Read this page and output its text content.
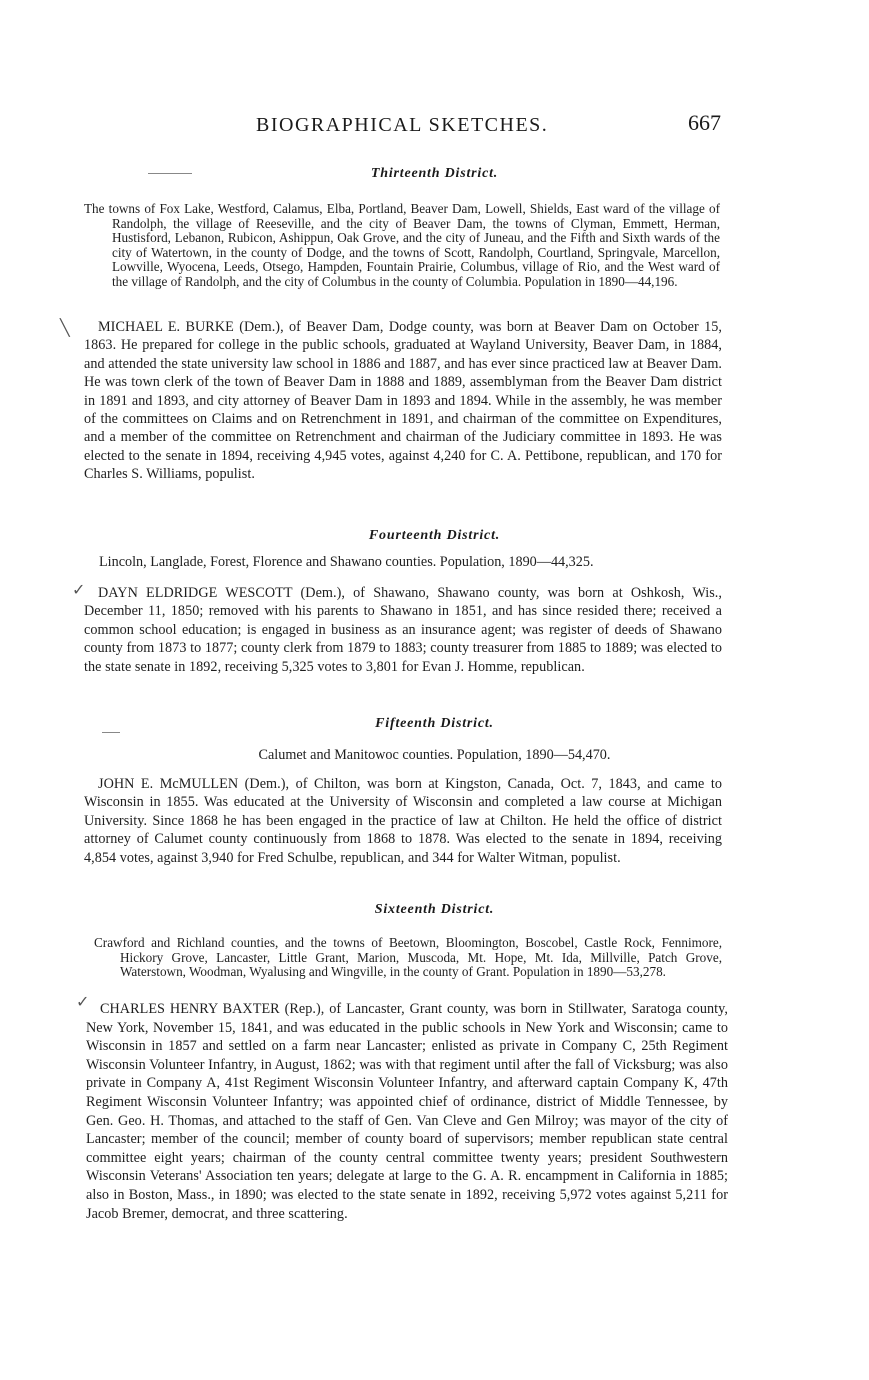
BIOGRAPHICAL SKETCHES.	667
Thirteenth District.

The towns of Fox Lake, Westford, Calamus, Elba, Portland, Beaver Dam, Lowell, Shields, East ward of the village of Randolph, the village of Reeseville, and the city of Beaver Dam, the towns of Clyman, Emmett, Herman, Hustisford, Lebanon, Rubicon, Ashippun, Oak Grove, and the city of Juneau, and the Fifth and Sixth wards of the city of Watertown, in the county of Dodge, and the towns of Scott, Randolph, Courtland, Springvale, Marcellon, Lowville, Wyocena, Leeds, Otsego, Hampden, Fountain Prairie, Columbus, village of Rio, and the West ward of the village of Randolph, and the city of Columbus in the county of Columbia. Population in 1890—44,196.

╲	MICHAEL E. BURKE (Dem.), of Beaver Dam, Dodge county, was born at Beaver Dam on October 15, 1863. He prepared for college in the public schools, graduated at Wayland University, Beaver Dam, in 1884, and attended the state university law school in 1886 and 1887, and has ever since practiced law at Beaver Dam. He was town clerk of the town of Beaver Dam in 1888 and 1889, assemblyman from the Beaver Dam district in 1891 and 1893, and city attorney of Beaver Dam in 1893 and 1894. While in the assembly, he was member of the committees on Claims and on Retrenchment in 1891, and chairman of the committee on Expenditures, and a member of the committee on Retrenchment and chairman of the Judiciary committee in 1893. He was elected to the senate in 1894, receiving 4,945 votes, against 4,240 for C. A. Pettibone, republican, and 170 for Charles S. Williams, populist.

Fourteenth District.

Lincoln, Langlade, Forest, Florence and Shawano counties. Population, 1890—44,325.

✓ DAYN ELDRIDGE WESCOTT (Dem.), of Shawano, Shawano county, was born at Oshkosh, Wis., December 11, 1850; removed with his parents to Shawano in 1851, and has since resided there; received a common school education; is engaged in business as an insurance agent; was register of deeds of Shawano county from 1873 to 1877; county clerk from 1879 to 1883; county treasurer from 1885 to 1889; was elected to the state senate in 1892, receiving 5,325 votes to 3,801 for Evan J. Homme, republican.

Fifteenth District.

Calumet and Manitowoc counties. Population, 1890—54,470.

JOHN E. McMULLEN (Dem.), of Chilton, was born at Kingston, Canada, Oct. 7, 1843, and came to Wisconsin in 1855. Was educated at the University of Wisconsin and completed a law course at Michigan University. Since 1868 he has been engaged in the practice of law at Chilton. He held the office of district attorney of Calumet county continuously from 1868 to 1878. Was elected to the senate in 1894, receiving 4,854 votes, against 3,940 for Fred Schulbe, republican, and 344 for Walter Witman, populist.

Sixteenth District.

Crawford and Richland counties, and the towns of Beetown, Bloomington, Boscobel, Castle Rock, Fennimore, Hickory Grove, Lancaster, Little Grant, Marion, Muscoda, Mt. Hope, Mt. Ida, Millville, Patch Grove, Waterstown, Woodman, Wyalusing and Wingville, in the county of Grant. Population in 1890—53,278.

✓ CHARLES HENRY BAXTER (Rep.), of Lancaster, Grant county, was born in Stillwater, Saratoga county, New York, November 15, 1841, and was educated in the public schools in New York and Wisconsin; came to Wisconsin in 1857 and settled on a farm near Lancaster; enlisted as private in Company C, 25th Regiment Wisconsin Volunteer Infantry, in August, 1862; was with that regiment until after the fall of Vicksburg; was also private in Company A, 41st Regiment Wisconsin Volunteer Infantry, and afterward captain Company K, 47th Regiment Wisconsin Volunteer Infantry; was appointed chief of ordinance, district of Middle Tennessee, by Gen. Geo. H. Thomas, and attached to the staff of Gen. Van Cleve and Gen Milroy; was mayor of the city of Lancaster; member of the council; member of county board of supervisors; member republican state central committee eight years; chairman of the county central committee twenty years; president Southwestern Wisconsin Veterans' Association ten years; delegate at large to the G. A. R. encampment in California in 1885; also in Boston, Mass., in 1890; was elected to the state senate in 1892, receiving 5,972 votes against 5,211 for Jacob Bremer, democrat, and three scattering.
